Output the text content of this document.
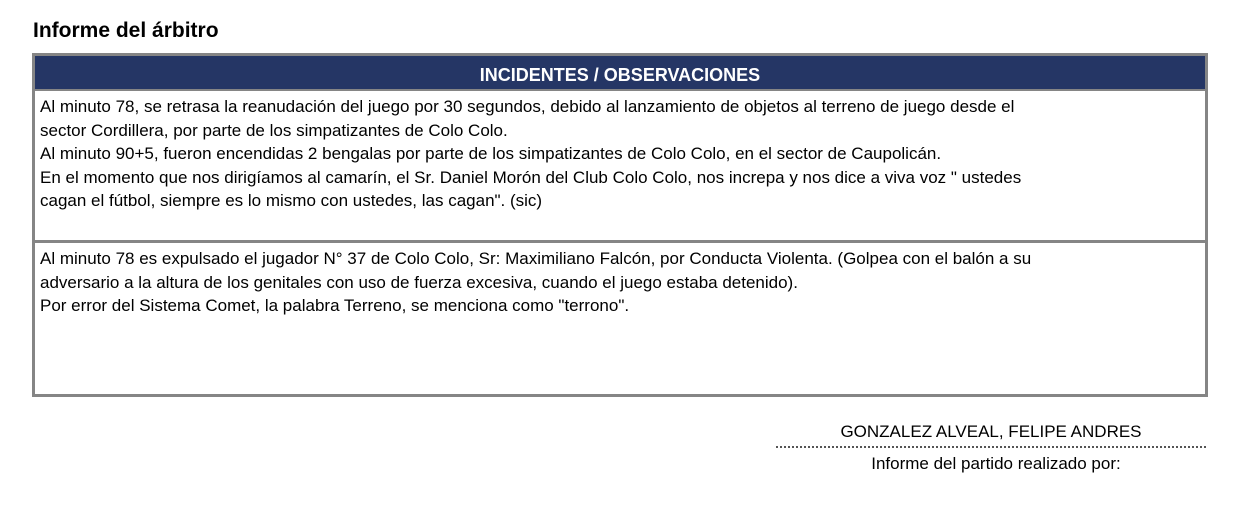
Informe del árbitro
INCIDENTES / OBSERVACIONES
Al minuto 78, se retrasa la reanudación del juego por 30 segundos, debido al lanzamiento de objetos al terreno de juego desde el
sector Cordillera, por parte de los simpatizantes de Colo Colo.
Al minuto 90+5, fueron encendidas 2 bengalas por parte de los simpatizantes de Colo Colo, en el sector de Caupolicán.
En el momento que nos dirigíamos al camarín, el Sr. Daniel Morón del Club Colo Colo, nos increpa y nos dice a viva voz " ustedes
cagan el fútbol, siempre es lo mismo con ustedes, las cagan". (sic)
Al minuto 78 es expulsado el jugador N° 37 de Colo Colo, Sr: Maximiliano Falcón, por Conducta Violenta. (Golpea con el balón a su
adversario a la altura de los genitales con uso de fuerza excesiva, cuando el juego estaba detenido).
Por error del Sistema Comet, la palabra Terreno, se menciona como "terrono".
GONZALEZ ALVEAL, FELIPE ANDRES
Informe del partido realizado por:
